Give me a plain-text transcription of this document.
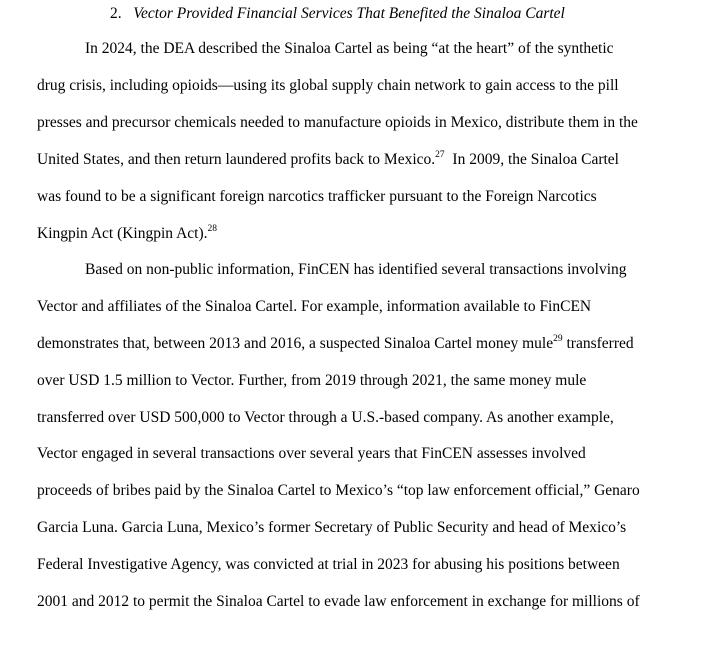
2. Vector Provided Financial Services That Benefited the Sinaloa Cartel
In 2024, the DEA described the Sinaloa Cartel as being “at the heart” of the synthetic
drug crisis, including opioids—using its global supply chain network to gain access to the pill
presses and precursor chemicals needed to manufacture opioids in Mexico, distribute them in the
United States, and then return laundered profits back to Mexico.$^{27}$  In 2009, the Sinaloa Cartel
was found to be a significant foreign narcotics trafficker pursuant to the Foreign Narcotics
Kingpin Act (Kingpin Act).$^{28}$
Based on non-public information, FinCEN has identified several transactions involving
Vector and affiliates of the Sinaloa Cartel. For example, information available to FinCEN
demonstrates that, between 2013 and 2016, a suspected Sinaloa Cartel money mule$^{29}$ transferred
over USD 1.5 million to Vector. Further, from 2019 through 2021, the same money mule
transferred over USD 500,000 to Vector through a U.S.-based company. As another example,
Vector engaged in several transactions over several years that FinCEN assesses involved
proceeds of bribes paid by the Sinaloa Cartel to Mexico’s “top law enforcement official,” Genaro
Garcia Luna. Garcia Luna, Mexico’s former Secretary of Public Security and head of Mexico’s
Federal Investigative Agency, was convicted at trial in 2023 for abusing his positions between
2001 and 2012 to permit the Sinaloa Cartel to evade law enforcement in exchange for millions of
